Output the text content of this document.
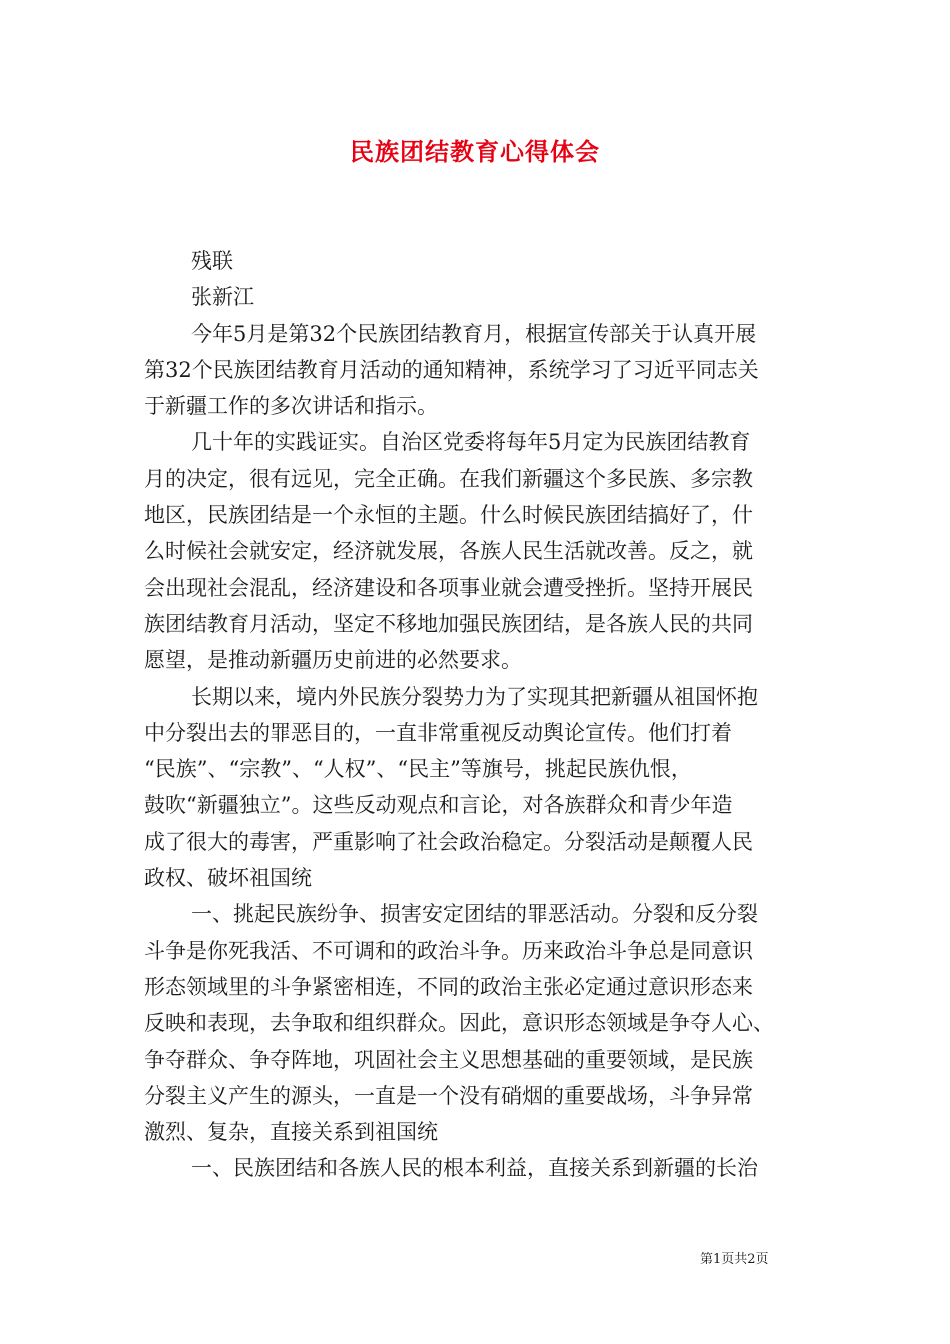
民族团结教育心得体会
残联
张新江
今年5月是第32个民族团结教育月，根据宣传部关于认真开展
第32个民族团结教育月活动的通知精神，系统学习了习近平同志关
于新疆工作的多次讲话和指示。
几十年的实践证实。自治区党委将每年5月定为民族团结教育
月的决定，很有远见，完全正确。在我们新疆这个多民族、多宗教
地区，民族团结是一个永恒的主题。什么时候民族团结搞好了，什
么时候社会就安定，经济就发展，各族人民生活就改善。反之，就
会出现社会混乱，经济建设和各项事业就会遭受挫折。坚持开展民
族团结教育月活动，坚定不移地加强民族团结，是各族人民的共同
愿望，是推动新疆历史前进的必然要求。
长期以来，境内外民族分裂势力为了实现其把新疆从祖国怀抱
中分裂出去的罪恶目的，一直非常重视反动舆论宣传。他们打着
“民族”、“宗教”、“人权”、“民主”等旗号，挑起民族仇恨，
鼓吹“新疆独立”。这些反动观点和言论，对各族群众和青少年造
成了很大的毒害，严重影响了社会政治稳定。分裂活动是颠覆人民
政权、破坏祖国统
一、挑起民族纷争、损害安定团结的罪恶活动。分裂和反分裂
斗争是你死我活、不可调和的政治斗争。历来政治斗争总是同意识
形态领域里的斗争紧密相连，不同的政治主张必定通过意识形态来
反映和表现，去争取和组织群众。因此，意识形态领域是争夺人心、
争夺群众、争夺阵地，巩固社会主义思想基础的重要领域，是民族
分裂主义产生的源头，一直是一个没有硝烟的重要战场，斗争异常
激烈、复杂，直接关系到祖国统
一、民族团结和各族人民的根本利益，直接关系到新疆的长治
第1页共2页
